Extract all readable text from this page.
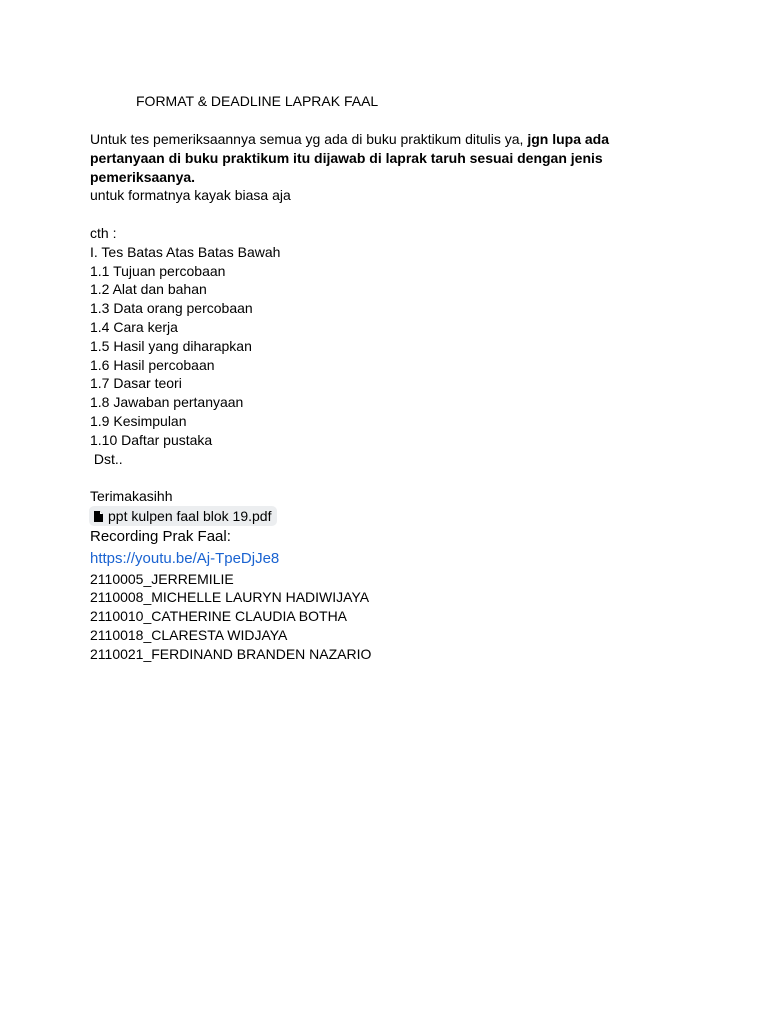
FORMAT & DEADLINE LAPRAK FAAL
Untuk tes pemeriksaannya semua yg ada di buku praktikum ditulis ya, jgn lupa ada pertanyaan di buku praktikum itu dijawab di laprak taruh sesuai dengan jenis pemeriksaanya.
untuk formatnya kayak biasa aja
cth :
I. Tes Batas Atas Batas Bawah
1.1 Tujuan percobaan
1.2 Alat dan bahan
1.3 Data orang percobaan
1.4 Cara kerja
1.5 Hasil yang diharapkan
1.6 Hasil percobaan
1.7 Dasar teori
1.8 Jawaban pertanyaan
1.9 Kesimpulan
1.10 Daftar pustaka
Dst..
Terimakasihh
ppt kulpen faal blok 19.pdf
Recording Prak Faal:
https://youtu.be/Aj-TpeDjJe8
2110005_JERREMILIE
2110008_MICHELLE LAURYN HADIWIJAYA
2110010_CATHERINE CLAUDIA BOTHA
2110018_CLARESTA WIDJAYA
2110021_FERDINAND BRANDEN NAZARIO
